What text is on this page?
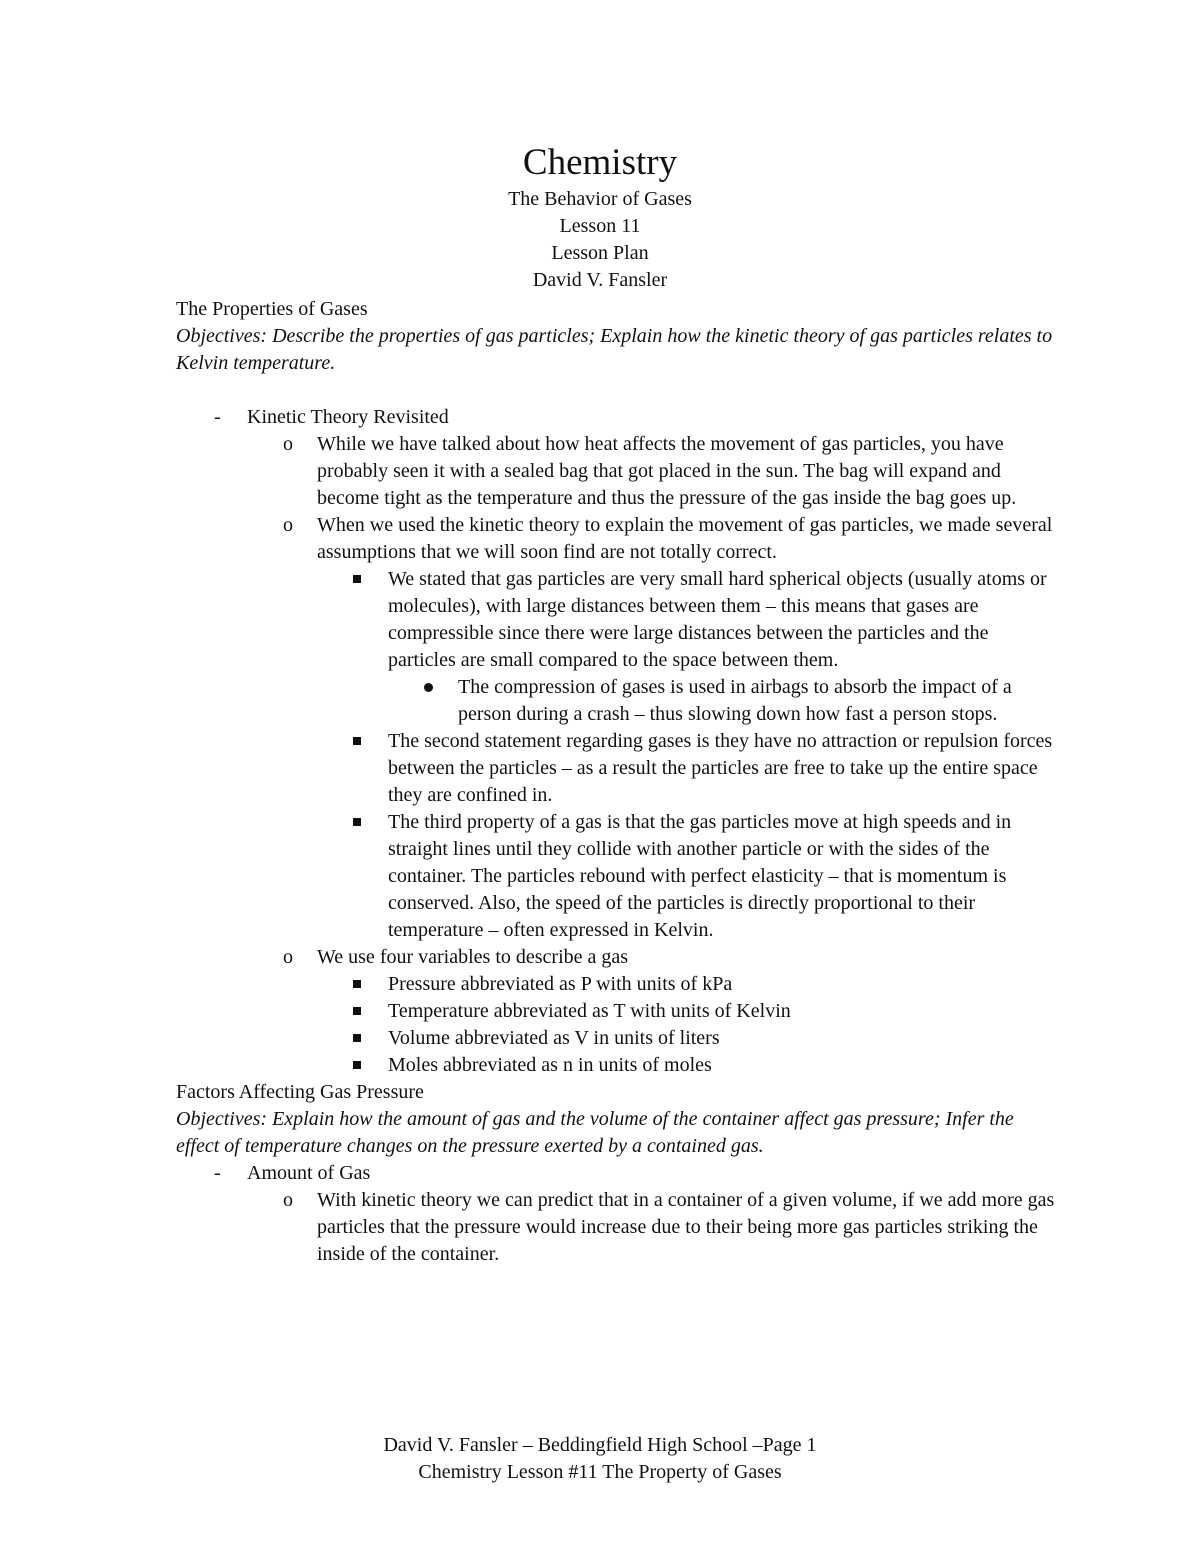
Chemistry

The Behavior of Gases

Lesson 11

Lesson Plan

David V. Fansler

The Properties of Gases

Objectives: Describe the properties of gas particles; Explain how the kinetic theory of gas particles relates to Kelvin temperature.

- Kinetic Theory Revisited

o While we have talked about how heat affects the movement of gas particles, you have probably seen it with a sealed bag that got placed in the sun. The bag will expand and become tight as the temperature and thus the pressure of the gas inside the bag goes up.

o When we used the kinetic theory to explain the movement of gas particles, we made several assumptions that we will soon find are not totally correct.

We stated that gas particles are very small hard spherical objects (usually atoms or molecules), with large distances between them – this means that gases are compressible since there were large distances between the particles and the particles are small compared to the space between them.

The compression of gases is used in airbags to absorb the impact of a person during a crash – thus slowing down how fast a person stops.

The second statement regarding gases is they have no attraction or repulsion forces between the particles – as a result the particles are free to take up the entire space they are confined in.

The third property of a gas is that the gas particles move at high speeds and in straight lines until they collide with another particle or with the sides of the container. The particles rebound with perfect elasticity – that is momentum is conserved. Also, the speed of the particles is directly proportional to their temperature – often expressed in Kelvin.

o We use four variables to describe a gas

Pressure abbreviated as P with units of kPa

Temperature abbreviated as T with units of Kelvin

Volume abbreviated as V in units of liters

Moles abbreviated as n in units of moles

Factors Affecting Gas Pressure

Objectives: Explain how the amount of gas and the volume of the container affect gas pressure; Infer the effect of temperature changes on the pressure exerted by a contained gas.

- Amount of Gas

o With kinetic theory we can predict that in a container of a given volume, if we add more gas particles that the pressure would increase due to their being more gas particles striking the inside of the container.

David V. Fansler – Beddingfield High School –Page 1

Chemistry Lesson #11 The Property of Gases
